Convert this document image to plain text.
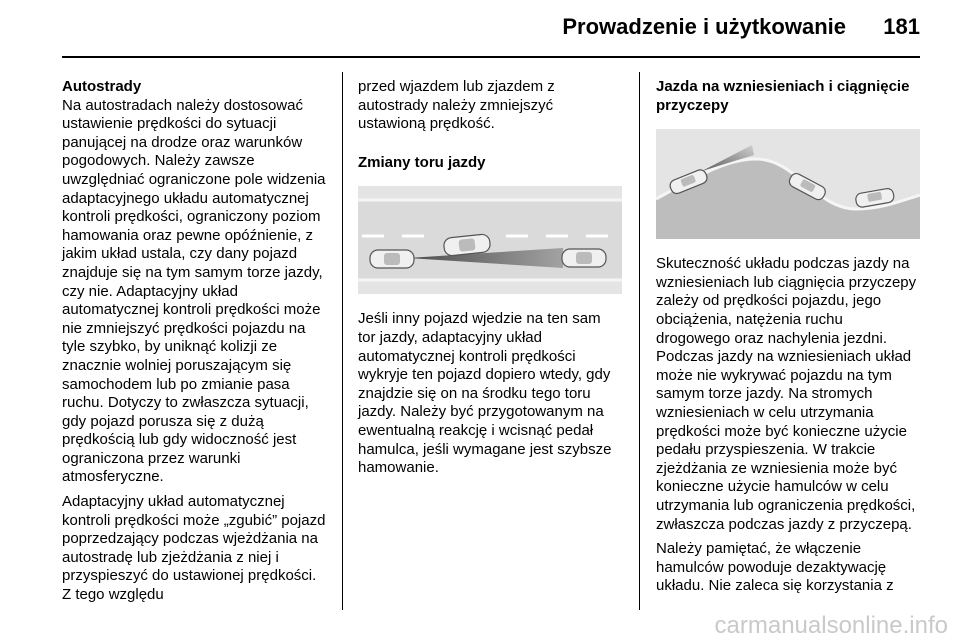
Prowadzenie i użytkowanie 181
Autostrady

Na autostradach należy dostosować ustawienie prędkości do sytuacji panującej na drodze oraz warunków pogodowych. Należy zawsze uwzględniać ograniczone pole widzenia adaptacyjnego układu automatycznej kontroli prędkości, ograniczony poziom hamowania oraz pewne opóźnienie, z jakim układ ustala, czy dany pojazd znajduje się na tym samym torze jazdy, czy nie. Adaptacyjny układ automatycznej kontroli prędkości może nie zmniejszyć prędkości pojazdu na tyle szybko, by uniknąć kolizji ze znacznie wolniej poruszającym się samochodem lub po zmianie pasa ruchu. Dotyczy to zwłaszcza sytuacji, gdy pojazd porusza się z dużą prędkością lub gdy widoczność jest ograniczona przez warunki atmosferyczne.

Adaptacyjny układ automatycznej kontroli prędkości może „zgubić” pojazd poprzedzający podczas wjeżdżania na autostradę lub zjeżdżania z niej i przyspieszyć do ustawionej prędkości. Z tego względu

przed wjazdem lub zjazdem z autostrady należy zmniejszyć ustawioną prędkość.

Zmiany toru jazdy

Jeśli inny pojazd wjedzie na ten sam tor jazdy, adaptacyjny układ automatycznej kontroli prędkości wykryje ten pojazd dopiero wtedy, gdy znajdzie się on na środku tego toru jazdy. Należy być przygotowanym na ewentualną reakcję i wcisnąć pedał hamulca, jeśli wymagane jest szybsze hamowanie.

Jazda na wzniesieniach i ciągnięcie przyczepy

Skuteczność układu podczas jazdy na wzniesieniach lub ciągnięcia przyczepy zależy od prędkości pojazdu, jego obciążenia, natężenia ruchu drogowego oraz nachylenia jezdni. Podczas jazdy na wzniesieniach układ może nie wykrywać pojazdu na tym samym torze jazdy. Na stromych wzniesieniach w celu utrzymania prędkości może być konieczne użycie pedału przyspieszenia. W trakcie zjeżdżania ze wzniesienia może być konieczne użycie hamulców w celu utrzymania lub ograniczenia prędkości, zwłaszcza podczas jazdy z przyczepą.

Należy pamiętać, że włączenie hamulców powoduje dezaktywację układu. Nie zaleca się korzystania z

carmanualsonline.info
